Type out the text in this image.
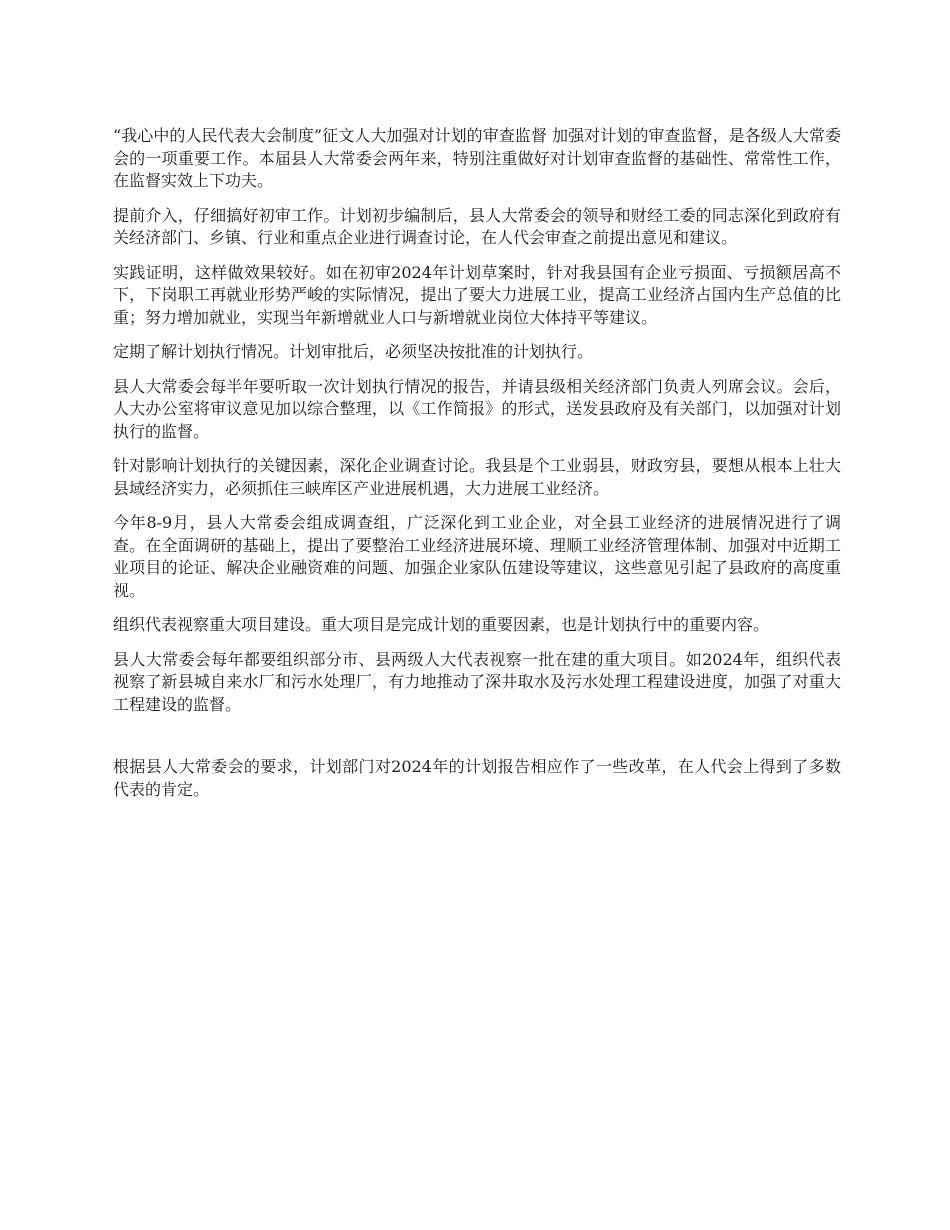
“我心中的人民代表大会制度”征文人大加强对计划的审查监督 加强对计划的审查监督，是各级人大常委会的一项重要工作。本届县人大常委会两年来，特别注重做好对计划审查监督的基础性、常常性工作，在监督实效上下功夫。

提前介入，仔细搞好初审工作。计划初步编制后，县人大常委会的领导和财经工委的同志深化到政府有关经济部门、乡镇、行业和重点企业进行调查讨论，在人代会审查之前提出意见和建议。

实践证明，这样做效果较好。如在初审2024年计划草案时，针对我县国有企业亏损面、亏损额居高不下，下岗职工再就业形势严峻的实际情况，提出了要大力进展工业，提高工业经济占国内生产总值的比重；努力增加就业，实现当年新增就业人口与新增就业岗位大体持平等建议。

定期了解计划执行情况。计划审批后，必须坚决按批准的计划执行。

县人大常委会每半年要听取一次计划执行情况的报告，并请县级相关经济部门负责人列席会议。会后，人大办公室将审议意见加以综合整理，以《工作简报》的形式，送发县政府及有关部门，以加强对计划执行的监督。

针对影响计划执行的关键因素，深化企业调查讨论。我县是个工业弱县，财政穷县，要想从根本上壮大县域经济实力，必须抓住三峡库区产业进展机遇，大力进展工业经济。

今年8-9月，县人大常委会组成调查组，广泛深化到工业企业，对全县工业经济的进展情况进行了调查。在全面调研的基础上，提出了要整治工业经济进展环境、理顺工业经济管理体制、加强对中近期工业项目的论证、解决企业融资难的问题、加强企业家队伍建设等建议，这些意见引起了县政府的高度重视。

组织代表视察重大项目建设。重大项目是完成计划的重要因素，也是计划执行中的重要内容。

县人大常委会每年都要组织部分市、县两级人大代表视察一批在建的重大项目。如2024年，组织代表视察了新县城自来水厂和污水处理厂，有力地推动了深井取水及污水处理工程建设进度，加强了对重大工程建设的监督。

根据县人大常委会的要求，计划部门对2024年的计划报告相应作了一些改革，在人代会上得到了多数代表的肯定。
